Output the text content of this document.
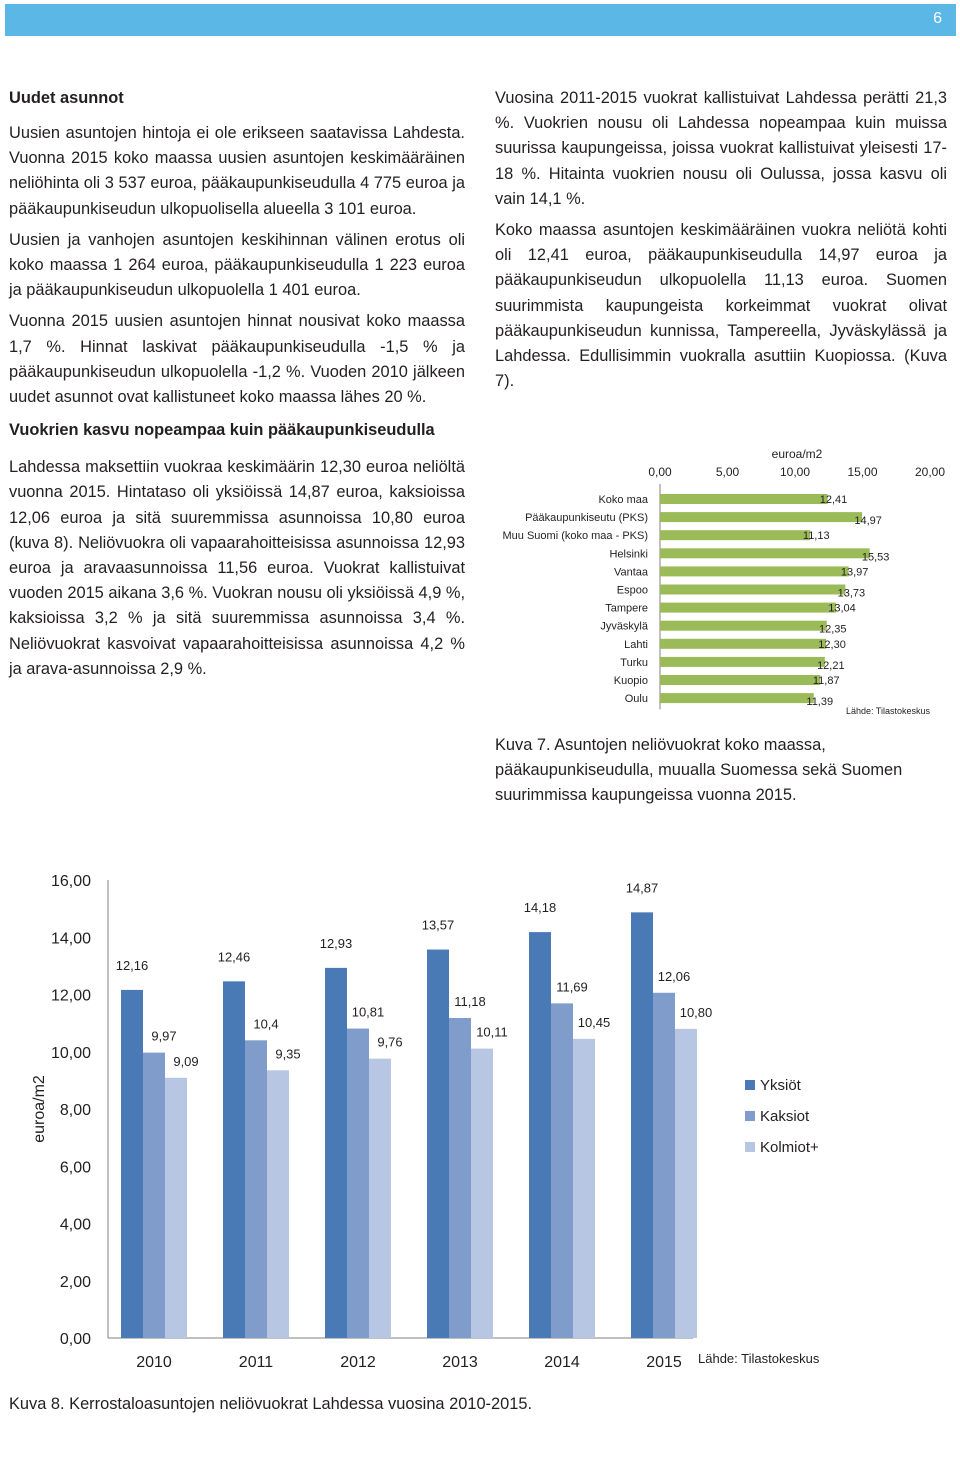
6
Uudet asunnot

Uusien asuntojen hintoja ei ole erikseen saatavissa Lahdesta. Vuonna 2015 koko maassa uusien asuntojen keskimääräinen neliöhinta oli 3 537 euroa, pääkaupunkiseudulla 4 775 euroa ja pääkaupunkiseudun ulkopuolisella alueella 3 101 euroa.

Uusien ja vanhojen asuntojen keskihinnan välinen erotus oli koko maassa 1 264 euroa, pääkaupunkiseudulla 1 223 euroa ja pääkaupunkiseudun ulkopuolella 1 401 euroa.

Vuonna 2015 uusien asuntojen hinnat nousivat koko maassa 1,7 %. Hinnat laskivat pääkaupunkiseudulla -1,5 % ja pääkaupunkiseudun ulkopuolella -1,2 %. Vuoden 2010 jälkeen uudet asunnot ovat kallistuneet koko maassa lähes 20 %.

Vuokrien kasvu nopeampaa kuin pääkaupunkiseudulla

Lahdessa maksettiin vuokraa keskimäärin 12,30 euroa neliöltä vuonna 2015. Hintataso oli yksiöissä 14,87 euroa, kaksioissa 12,06 euroa ja sitä suuremmissa asunnoissa 10,80 euroa (kuva 8). Neliövuokra oli vapaarahoitteisissa asunnoissa 12,93 euroa ja aravaasunnoissa 11,56 euroa. Vuokrat kallistuivat vuoden 2015 aikana 3,6 %. Vuokran nousu oli yksiöissä 4,9 %, kaksioissa 3,2 % ja sitä suuremmissa asunnoissa 3,4 %. Neliövuokrat kasvoivat vapaarahoitteisissa asunnoissa 4,2 % ja arava-asunnoissa 2,9 %.

Vuosina 2011-2015 vuokrat kallistuivat Lahdessa perätti 21,3 %. Vuokrien nousu oli Lahdessa nopeampaa kuin muissa suurissa kaupungeissa, joissa vuokrat kallistuivat yleisesti 17-18 %. Hitainta vuokrien nousu oli Oulussa, jossa kasvu oli vain 14,1 %.

Koko maassa asuntojen keskimääräinen vuokra neliötä kohti oli 12,41 euroa, pääkaupunkiseudulla 14,97 euroa ja pääkaupunkiseudun ulkopuolella 11,13 euroa. Suomen suurimmista kaupungeista korkeimmat vuokrat olivat pääkaupunkiseudun kunnissa, Tampereella, Jyväskylässä ja Lahdessa. Edullisimmin vuokralla asuttiin Kuopiossa. (Kuva 7).

euroa/m2
0,00	5,00	10,00	15,00	20,00
Koko maa	12,41
Pääkaupunkiseutu (PKS)	14,97
Muu Suomi (koko maa - PKS)	11,13
Helsinki	15,53
Vantaa	13,97
Espoo	13,73
Tampere	13,04
Jyväskylä	12,35
Lahti	12,30
Turku	12,21
Kuopio	11,87
Oulu	11,39
Lähde: Tilastokeskus
Kuva 7. Asuntojen neliövuokrat koko maassa, pääkaupunkiseudulla, muualla Suomessa sekä Suomen suurimmissa kaupungeissa vuonna 2015.
euroa/m2
0,00
2,00
4,00
6,00
8,00
10,00
12,00
14,00
16,00
2010
12,16
9,97
9,09
2011
12,46
10,4
9,35
2012
12,93
10,81
9,76
2013
13,57
11,18
10,11
2014
14,18
11,69
10,45
2015
14,87
12,06
10,80
Yksiöt
Kaksiot
Kolmiot+
Lähde: Tilastokeskus
Kuva 8. Kerrostaloasuntojen neliövuokrat Lahdessa vuosina 2010-2015.
